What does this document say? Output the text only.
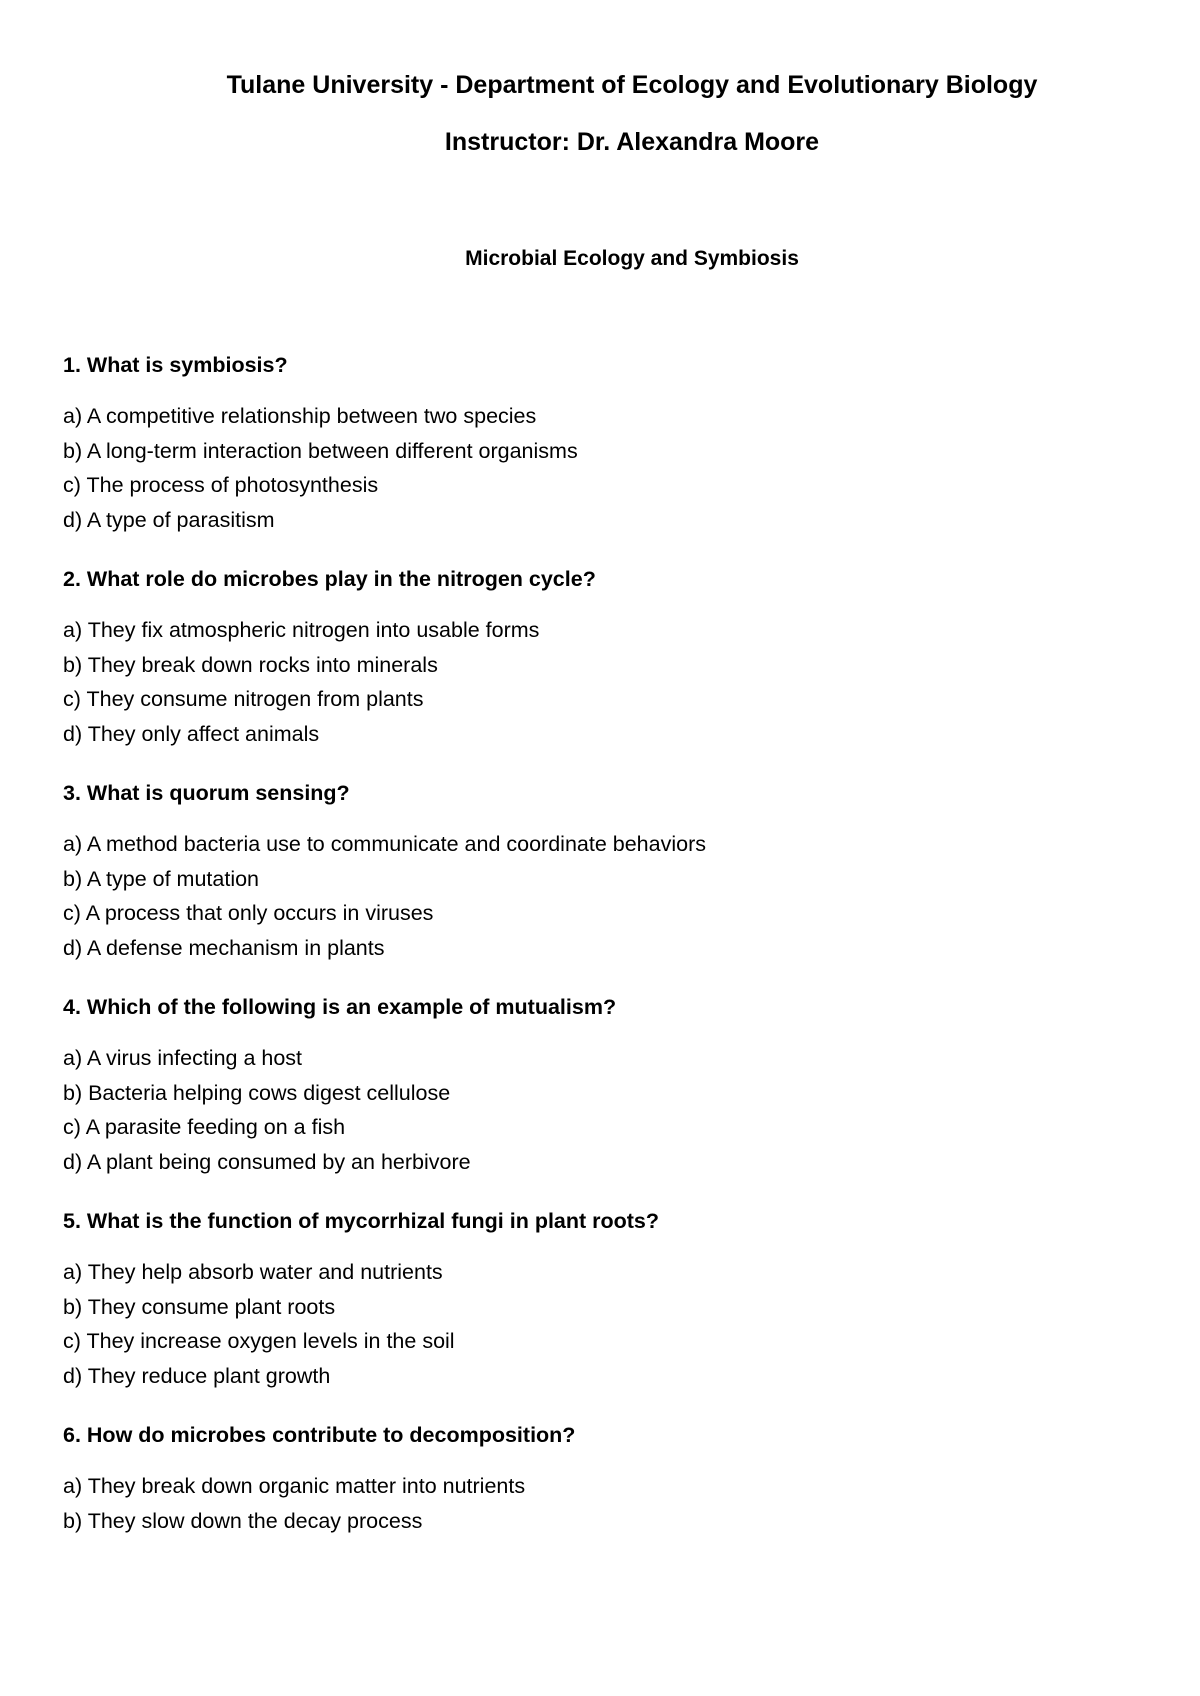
Tulane University - Department of Ecology and Evolutionary Biology
Instructor: Dr. Alexandra Moore
Microbial Ecology and Symbiosis
1. What is symbiosis?
a) A competitive relationship between two species
b) A long-term interaction between different organisms
c) The process of photosynthesis
d) A type of parasitism
2. What role do microbes play in the nitrogen cycle?
a) They fix atmospheric nitrogen into usable forms
b) They break down rocks into minerals
c) They consume nitrogen from plants
d) They only affect animals
3. What is quorum sensing?
a) A method bacteria use to communicate and coordinate behaviors
b) A type of mutation
c) A process that only occurs in viruses
d) A defense mechanism in plants
4. Which of the following is an example of mutualism?
a) A virus infecting a host
b) Bacteria helping cows digest cellulose
c) A parasite feeding on a fish
d) A plant being consumed by an herbivore
5. What is the function of mycorrhizal fungi in plant roots?
a) They help absorb water and nutrients
b) They consume plant roots
c) They increase oxygen levels in the soil
d) They reduce plant growth
6. How do microbes contribute to decomposition?
a) They break down organic matter into nutrients
b) They slow down the decay process
